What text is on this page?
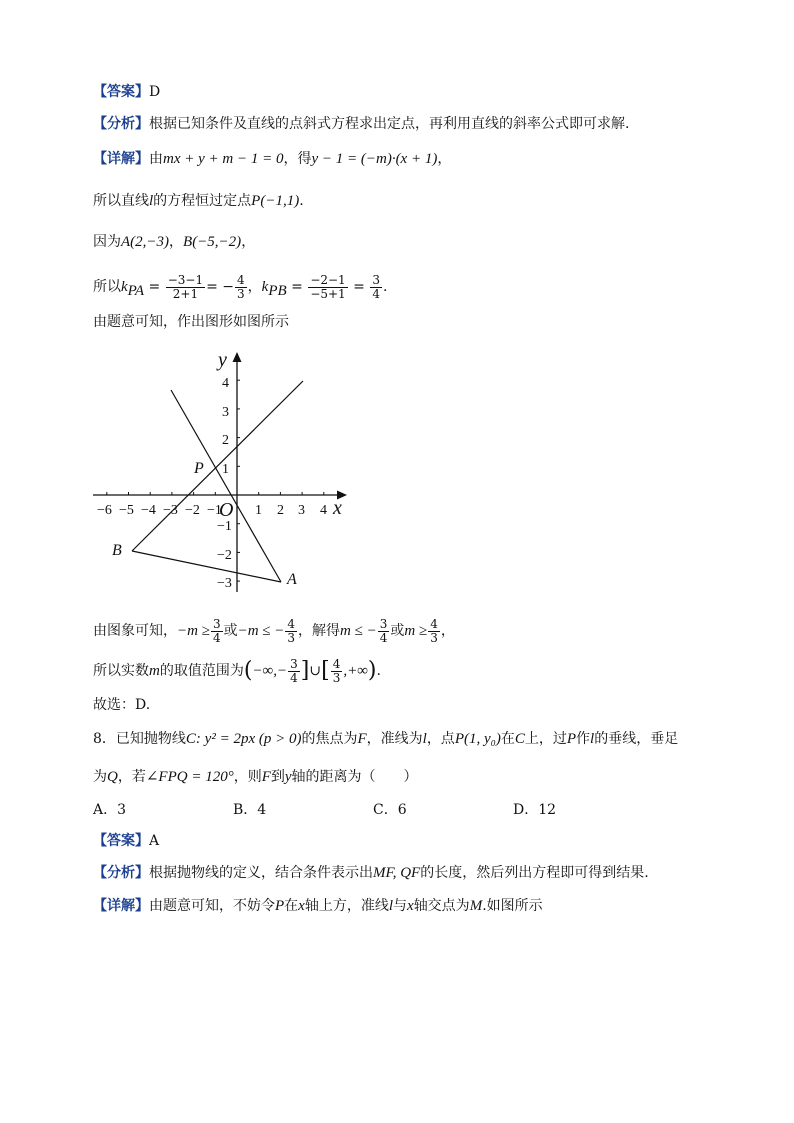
【答案】D
【分析】根据已知条件及直线的点斜式方程求出定点，再利用直线的斜率公式即可求解.
【详解】由mx + y + m − 1 = 0，得y − 1 = (−m)·(x + 1)，
所以直线l的方程恒过定点P(−1,1).
因为A(2,−3)，B(−5,−2)，
所以$k_{PA} = \frac{-3-1}{2+1}$ = − $\frac{4}{3}$ ，$k_{PB} = \frac{-2-1}{-5+1} = \frac{3}{4}$ .
由题意可知，作出图形如图所示
−6 −5 −4 −3 −2 −1 1 2 3 4
4
3
2
1
−1
−2
−3
y
x
O
P
A
B
由图象可知，$-m \ge \frac{3}{4}$ 或−m ≤ − $\frac{4}{3}$ ，解得m ≤ − $\frac{3}{4}$ 或$m \ge \frac{4}{3}$ ，
所以实数m的取值范围为(−∞,− $\frac{3}{4}$ ]∪[ $\frac{4}{3}$ ,+∞).
故选：D.
8．已知抛物线C: y² = 2px (p > 0)的焦点为F，准线为l，点P(1, y₀)在C上，过P作l的垂线，垂足
为Q，若∠FPQ = 120°，则F到y轴的距离为（　　）
A．3	B．4	C．6	D．12
【答案】A
【分析】根据抛物线的定义，结合条件表示出MF, QF的长度，然后列出方程即可得到结果.
【详解】由题意可知，不妨令P在x轴上方，准线l与x轴交点为M.如图所示
